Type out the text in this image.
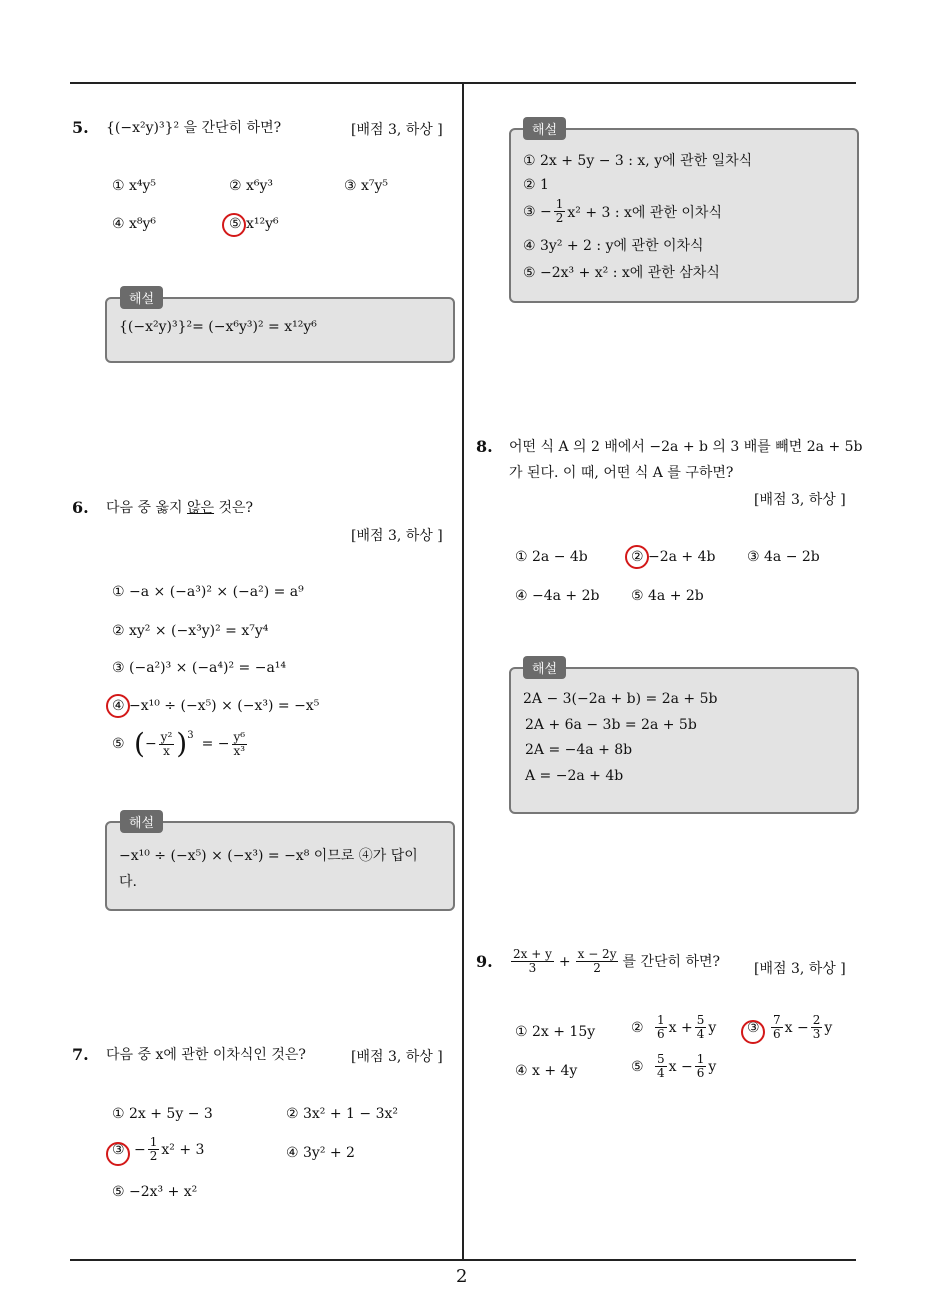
2
5. {(−x²y)³}² 을 간단히 하면?	[배점 3, 하상 ]
① x⁴y⁵	② x⁶y³	③ x⁷y⁵
④ x⁸y⁶	⑤ x¹²y⁶
{(−x²y)³}²= (−x⁶y³)² = x¹²y⁶
해설
6. 다음 중 옳지 않은 것은?
[배점 3, 하상 ]
① −a × (−a³)² × (−a²) = a⁹
② xy² × (−x³y)² = x⁷y⁴
③ (−a²)³ × (−a⁴)² = −a¹⁴
④ −x¹⁰ ÷ (−x⁵) × (−x³) = −x⁵
⑤ ( − $\frac{\text{y²}}{x}$ ) 3
= − $\frac{\text{y⁶}}{\text{x³}}$
−x¹⁰ ÷ (−x⁵) × (−x³) = −x⁸ 이므로 ④가 답이
다.
해설
7. 다음 중 x에 관한 이차식인 것은?	[배점 3, 하상 ]
① 2x + 5y − 3	② 3x² + 1 − 3x²
③ − $\frac{1}{2} x^2 + 3$	④ 3y² + 2
⑤ −2x³ + x²
① 2x + 5y − 3 : x, y에 관한 일차식
② 1
③ − $\frac{1}{2} x^2 + 3$ : x에 관한 이차식
④ 3y² + 2 : y에 관한 이차식
⑤ −2x³ + x² : x에 관한 삼차식
해설
8. 어떤 식 A 의 2 배에서 −2a + b 의 3 배를 빼면 2a + 5b
가 된다. 이 때, 어떤 식 A 를 구하면?
[배점 3, 하상 ]
① 2a − 4b	② −2a + 4b ③ 4a − 2b
④ −4a + 2b ⑤ 4a + 2b
2A − 3(−2a + b) = 2a + 5b
2A + 6a − 3b = 2a + 5b
2A = −4a + 8b
A = −2a + 4b
해설
9. $\frac{2x + y}{3} + \frac{x - 2y}{2}$ 를 간단히 하면? [배점 3, 하상 ]
① 2x + 15y	② $\frac{1}{6}$ $x + \frac{5}{4}$ y ③ $\frac{7}{6}$ $x - \frac{2}{3}$ y
④ x + 4y	⑤ $\frac{5}{4}$ $x - \frac{1}{6}$ y
